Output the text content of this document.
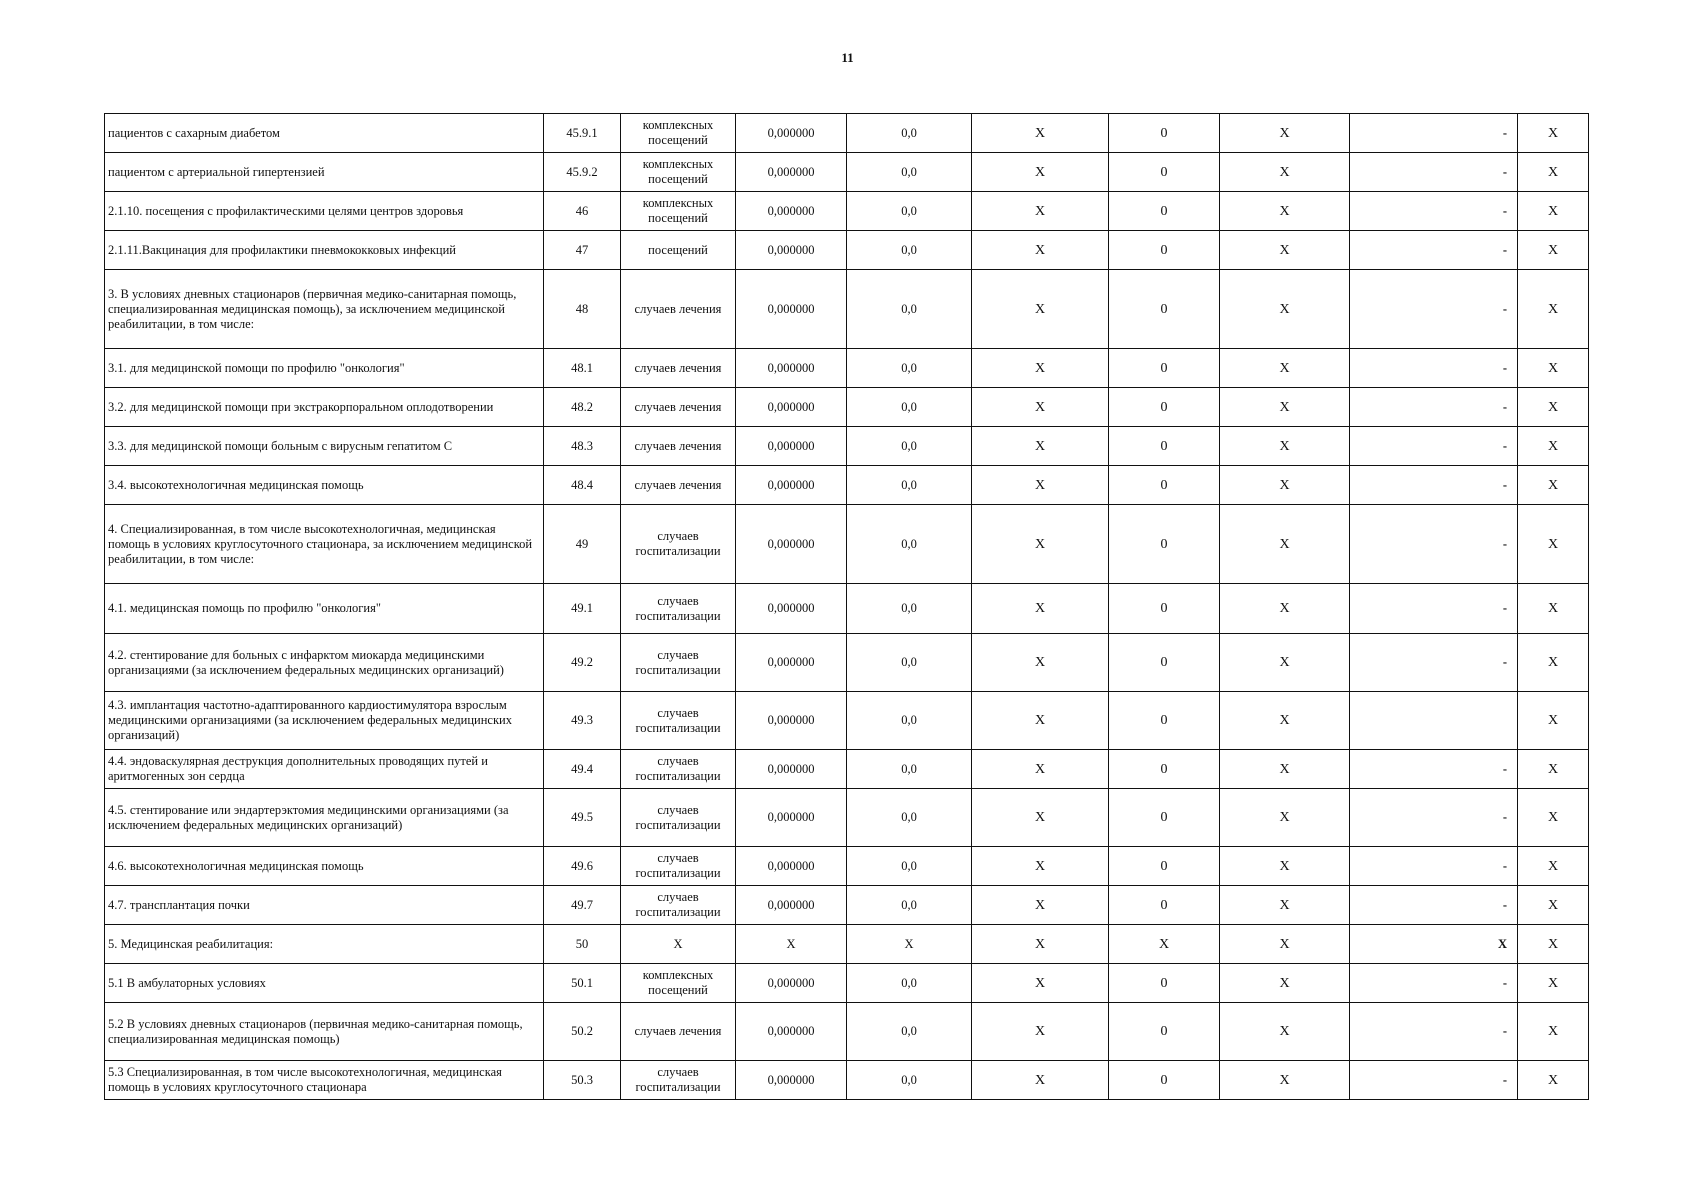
11
пациентов с сахарным диабетом	45.9.1	комплексных посещений	0,000000	0,0	X	0	X	-	X
пациентом с артериальной гипертензией	45.9.2	комплексных посещений	0,000000	0,0	X	0	X	-	X
2.1.10. посещения с профилактическими целями центров здоровья	46	комплексных посещений	0,000000	0,0	X	0	X	-	X
2.1.11.Вакцинация для профилактики пневмококковых инфекций	47	посещений	0,000000	0,0	X	0	X	-	X
3. В условиях дневных стационаров (первичная медико-санитарная помощь, специализированная медицинская помощь), за исключением медицинской реабилитации, в том числе:	48	случаев лечения	0,000000	0,0	X	0	X	-	X
3.1. для медицинской помощи по профилю "онкология"	48.1	случаев лечения	0,000000	0,0	X	0	X	-	X
3.2. для медицинской помощи при экстракорпоральном оплодотворении	48.2	случаев лечения	0,000000	0,0	X	0	X	-	X
3.3. для медицинской помощи больным с вирусным гепатитом С	48.3	случаев лечения	0,000000	0,0	X	0	X	-	X
3.4. высокотехнологичная медицинская помощь	48.4	случаев лечения	0,000000	0,0	X	0	X	-	X
4. Специализированная, в том числе высокотехнологичная, медицинская помощь в условиях круглосуточного стационара, за исключением медицинской реабилитации, в том числе:	49	случаев госпитализации	0,000000	0,0	X	0	X	-	X
4.1. медицинская помощь по профилю "онкология"	49.1	случаев госпитализации	0,000000	0,0	X	0	X	-	X
4.2. стентирование для больных с инфарктом миокарда медицинскими организациями (за исключением федеральных медицинских организаций)	49.2	случаев госпитализации	0,000000	0,0	X	0	X	-	X
4.3. имплантация частотно-адаптированного кардиостимулятора взрослым медицинскими организациями (за исключением федеральных медицинских организаций)	49.3	случаев госпитализации	0,000000	0,0	X	0	X		X
4.4. эндоваскулярная деструкция дополнительных проводящих путей и аритмогенных зон сердца	49.4	случаев госпитализации	0,000000	0,0	X	0	X	-	X
4.5. стентирование или эндартерэктомия медицинскими организациями (за исключением федеральных медицинских организаций)	49.5	случаев госпитализации	0,000000	0,0	X	0	X	-	X
4.6. высокотехнологичная медицинская помощь	49.6	случаев госпитализации	0,000000	0,0	X	0	X	-	X
4.7. трансплантация почки	49.7	случаев госпитализации	0,000000	0,0	X	0	X	-	X
5. Медицинская реабилитация:	50	X	X	X	X	X	X	X	X
5.1 В амбулаторных условиях	50.1	комплексных посещений	0,000000	0,0	X	0	X	-	X
5.2 В условиях дневных стационаров (первичная медико-санитарная помощь, специализированная медицинская помощь)	50.2	случаев лечения	0,000000	0,0	X	0	X	-	X
5.3 Специализированная, в том числе высокотехнологичная, медицинская помощь в условиях круглосуточного стационара	50.3	случаев госпитализации	0,000000	0,0	X	0	X	-	X
